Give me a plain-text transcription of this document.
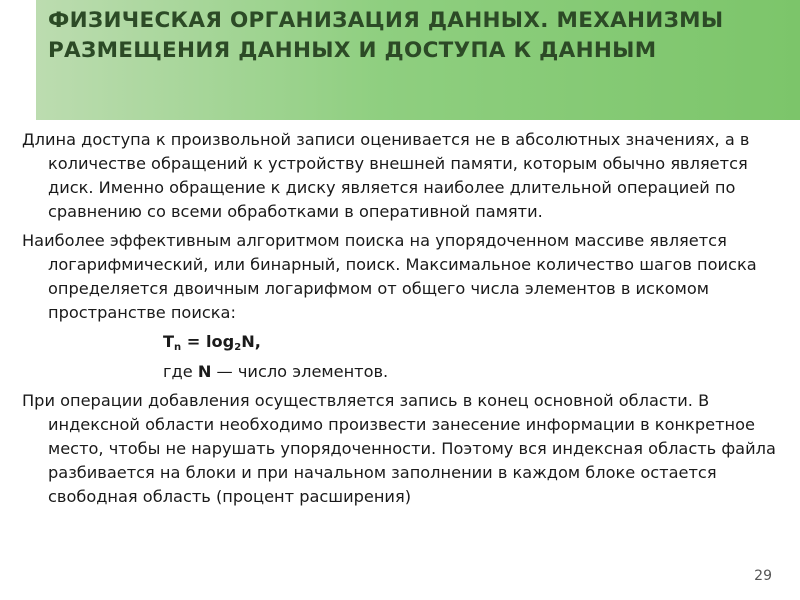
ФИЗИЧЕСКАЯ ОРГАНИЗАЦИЯ ДАННЫХ. МЕХАНИЗМЫ РАЗМЕЩЕНИЯ ДАННЫХ И ДОСТУПА К ДАННЫМ

Длина доступа к произвольной записи оценивается не в абсолютных значениях, а в количестве обращений к устройству внешней памяти, которым обычно является диск. Именно обращение к диску является наиболее длительной операцией по сравнению со всеми обработками в оперативной памяти.

Наиболее эффективным алгоритмом поиска на упорядоченном массиве является логарифмический, или бинарный, поиск. Максимальное количество шагов поиска определяется двоичным логарифмом от общего числа элементов в искомом пространстве поиска:

$T_n = \log_2N$,

где N — число элементов.

При операции добавления осуществляется запись в конец основной области. В индексной области необходимо произвести занесение информации в конкретное место, чтобы не нарушать упорядоченности. Поэтому вся индексная область файла разбивается на блоки и при начальном заполнении в каждом блоке остается свободная область (процент расширения)

29
